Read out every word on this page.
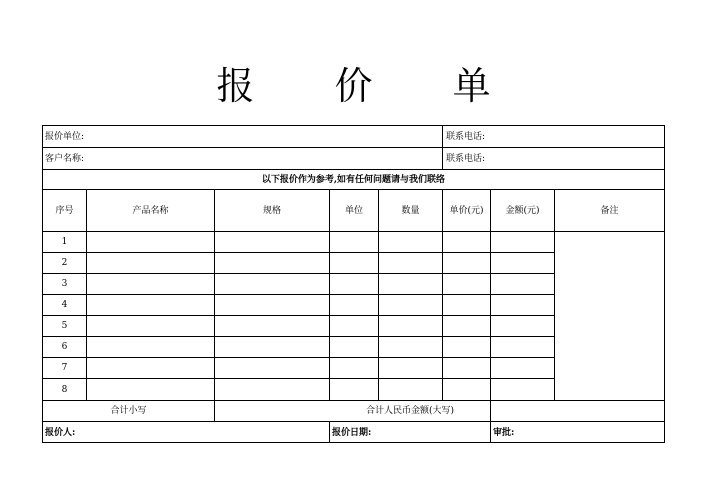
报 价 单
报价单位:	联系电话:
客户名称:	联系电话:
以下报价作为参考,如有任何问题请与我们联络
序号	产品名称	规格	单位	数量	单价(元)	金额(元)	备注
1
2
3
4
5
6
7
8
合计小写	合计人民币金额(大写)
报价人:	报价日期:	审批:
